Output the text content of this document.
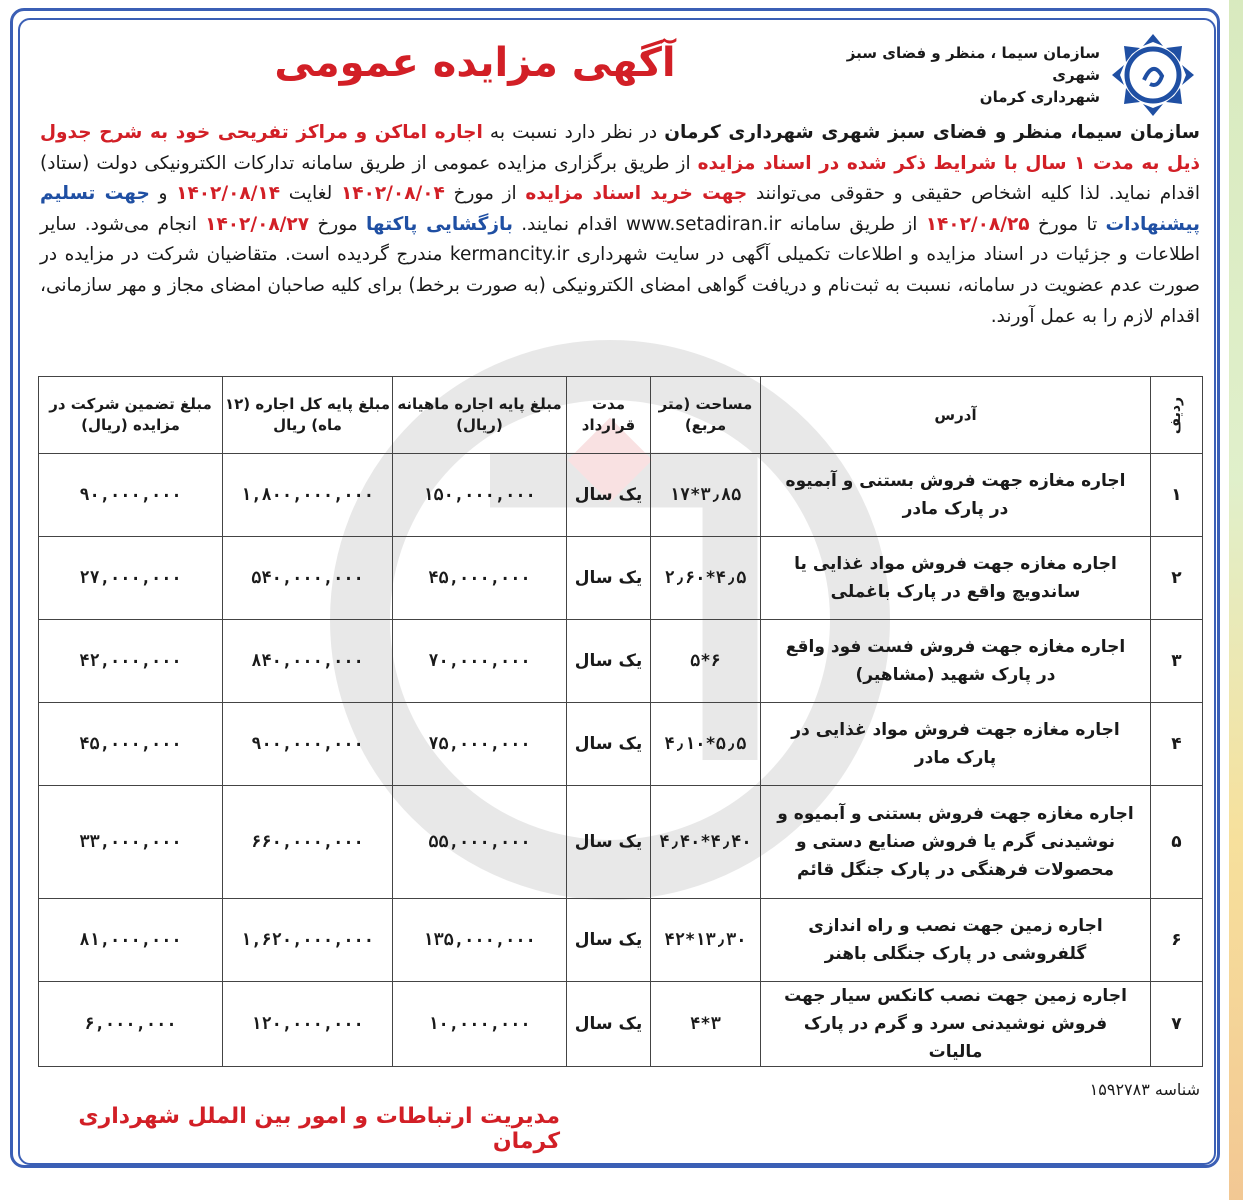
سازمان سیما ، منظر و فضای سبز شهری
شهرداری کرمان
آگهی مزایده عمومی
سازمان سیما، منظر و فضای سبز شهری شهرداری کرمان در نظر دارد نسبت به اجاره اماکن و مراکز تفریحی خود به شرح جدول ذیل به مدت ۱ سال با شرایط ذکر شده در اسناد مزایده از طریق برگزاری مزایده عمومی از طریق سامانه تدارکات الکترونیکی دولت (ستاد) اقدام نماید. لذا کلیه اشخاص حقیقی و حقوقی می‌توانند جهت خرید اسناد مزایده از مورخ ۱۴۰۲/۰۸/۰۴ لغایت ۱۴۰۲/۰۸/۱۴ و جهت تسلیم پیشنهادات تا مورخ ۱۴۰۲/۰۸/۲۵ از طریق سامانه www.setadiran.ir اقدام نمایند. بازگشایی پاکتها مورخ ۱۴۰۲/۰۸/۲۷ انجام می‌شود. سایر اطلاعات و جزئیات در اسناد مزایده و اطلاعات تکمیلی آگهی در سایت شهرداری kermancity.ir مندرج گردیده است. متقاضیان شرکت در مزایده در صورت عدم عضویت در سامانه، نسبت به ثبت‌نام و دریافت گواهی امضای الکترونیکی (به صورت برخط) برای کلیه صاحبان امضای مجاز و مهر سازمانی، اقدام لازم را به عمل آورند.
ردیف	آدرس	مساحت (متر مربع)	مدت قرارداد	مبلغ پایه اجاره ماهیانه (ریال)	مبلغ پایه کل اجاره (۱۲ ماه) ریال	مبلغ تضمین شرکت در مزایده (ریال)
۱	اجاره مغازه جهت فروش بستنی و آبمیوه در پارک مادر	۳٫۸۵*۱۷	یک سال	۱۵۰,۰۰۰,۰۰۰	۱,۸۰۰,۰۰۰,۰۰۰	۹۰,۰۰۰,۰۰۰
۲	اجاره مغازه جهت فروش مواد غذایی یا ساندویچ واقع در پارک باغملی	۴٫۵*۲٫۶۰	یک سال	۴۵,۰۰۰,۰۰۰	۵۴۰,۰۰۰,۰۰۰	۲۷,۰۰۰,۰۰۰
۳	اجاره مغازه جهت فروش فست فود واقع در پارک شهید (مشاهیر)	۶*۵	یک سال	۷۰,۰۰۰,۰۰۰	۸۴۰,۰۰۰,۰۰۰	۴۲,۰۰۰,۰۰۰
۴	اجاره مغازه جهت فروش مواد غذایی در پارک مادر	۵٫۵*۴٫۱۰	یک سال	۷۵,۰۰۰,۰۰۰	۹۰۰,۰۰۰,۰۰۰	۴۵,۰۰۰,۰۰۰
۵	اجاره مغازه جهت فروش بستنی و آبمیوه و نوشیدنی گرم یا فروش صنایع دستی و محصولات فرهنگی در پارک جنگل قائم	۴٫۴۰*۴٫۴۰	یک سال	۵۵,۰۰۰,۰۰۰	۶۶۰,۰۰۰,۰۰۰	۳۳,۰۰۰,۰۰۰
۶	اجاره زمین جهت نصب و راه اندازی گلفروشی در پارک جنگلی باهنر	۱۳٫۳۰*۴۲	یک سال	۱۳۵,۰۰۰,۰۰۰	۱,۶۲۰,۰۰۰,۰۰۰	۸۱,۰۰۰,۰۰۰
۷	اجاره زمین جهت نصب کانکس سیار جهت فروش نوشیدنی سرد و گرم در پارک مالیات	۳*۴	یک سال	۱۰,۰۰۰,۰۰۰	۱۲۰,۰۰۰,۰۰۰	۶,۰۰۰,۰۰۰
شناسه ۱۵۹۲۷۸۳
مدیریت ارتباطات و امور بین الملل شهرداری کرمان
